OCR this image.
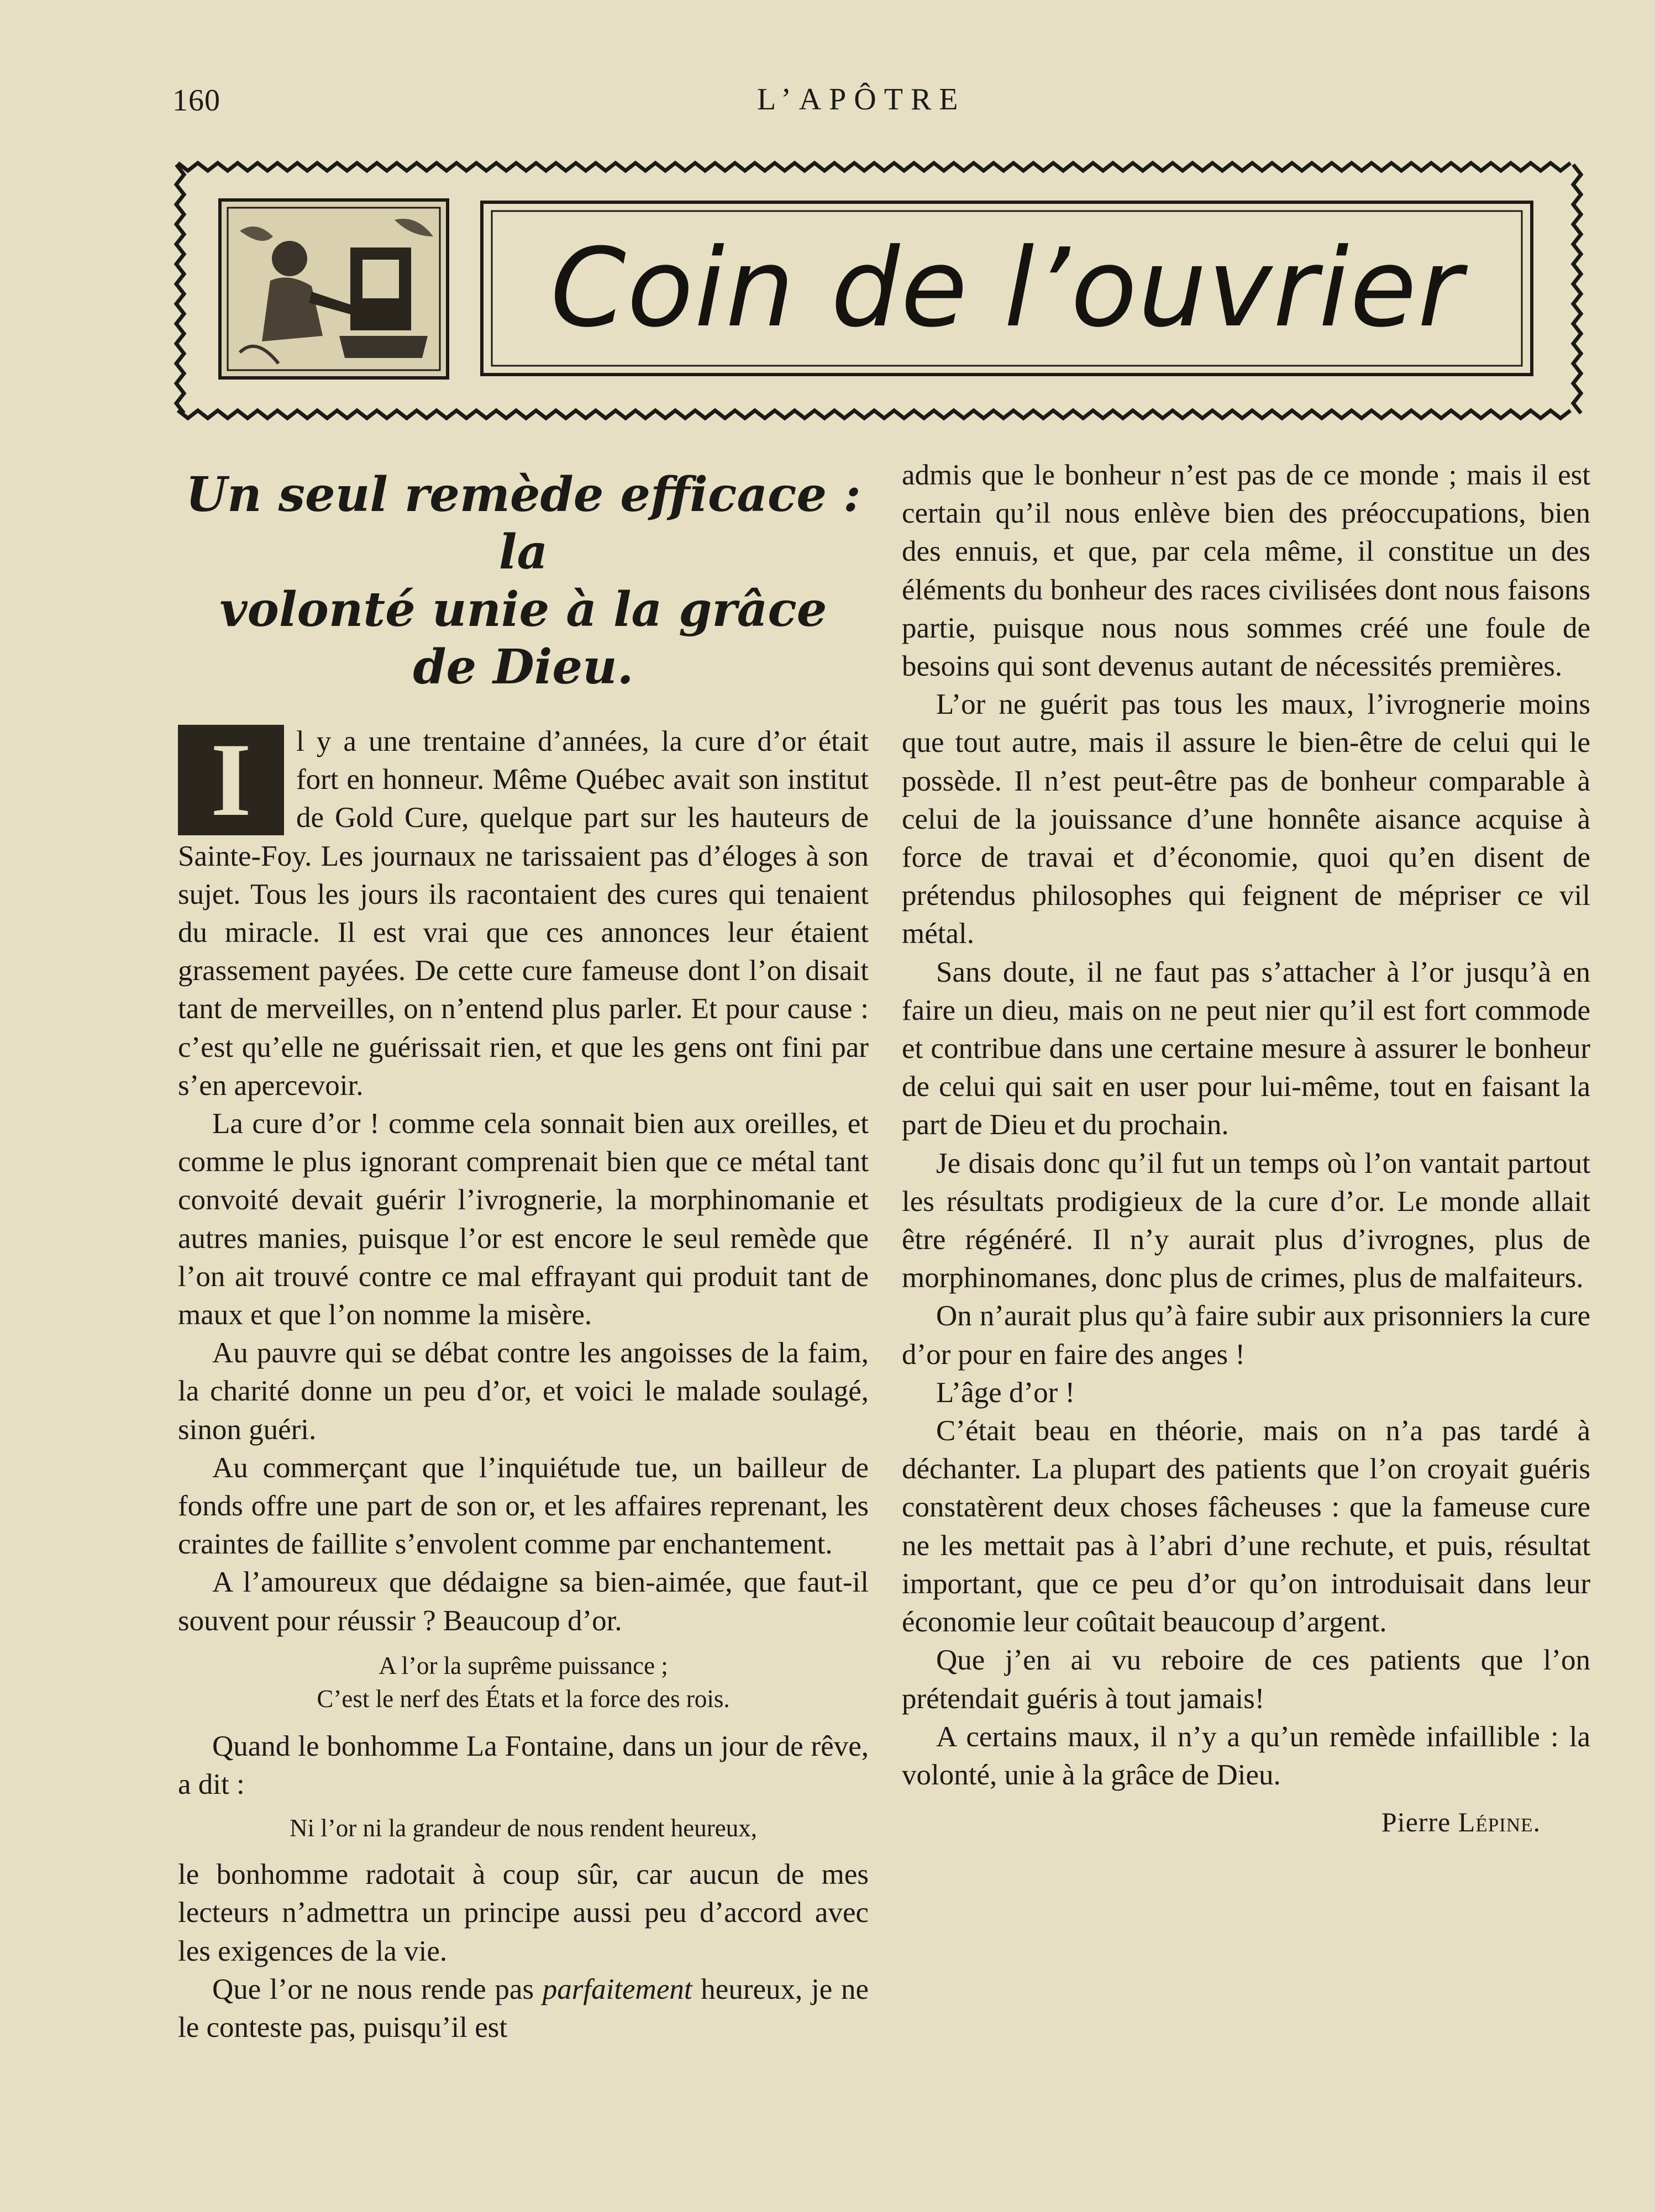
160	L’APÔTRE
Coin de l’ouvrier
Un seul remède efficace : la
volonté unie à la grâce
de Dieu.

I	l y a une trentaine d’années, la cure d’or était fort en honneur. Même Québec avait son institut de Gold Cure, quelque part sur les hauteurs de Sainte-Foy. Les journaux ne tarissaient pas d’éloges à son sujet. Tous les jours ils racontaient des cures qui tenaient du miracle. Il est vrai que ces annonces leur étaient grassement payées. De cette cure fameuse dont l’on disait tant de merveilles, on n’entend plus parler. Et pour cause : c’est qu’elle ne guérissait rien, et que les gens ont fini par s’en apercevoir.

La cure d’or ! comme cela sonnait bien aux oreilles, et comme le plus ignorant comprenait bien que ce métal tant convoité devait guérir l’ivrognerie, la morphinomanie et autres manies, puisque l’or est encore le seul remède que l’on ait trouvé contre ce mal effrayant qui produit tant de maux et que l’on nomme la misère.

Au pauvre qui se débat contre les angoisses de la faim, la charité donne un peu d’or, et voici le malade soulagé, sinon guéri.

Au commerçant que l’inquiétude tue, un bailleur de fonds offre une part de son or, et les affaires reprenant, les craintes de faillite s’envolent comme par enchantement.

A l’amoureux que dédaigne sa bien-aimée, que faut-il souvent pour réussir ? Beaucoup d’or.

A l’or la suprême puissance ;
C’est le nerf des États et la force des rois.

Quand le bonhomme La Fontaine, dans un jour de rêve, a dit :

Ni l’or ni la grandeur de nous rendent heureux,

le bonhomme radotait à coup sûr, car aucun de mes lecteurs n’admettra un principe aussi peu d’accord avec les exigences de la vie.

Que l’or ne nous rende pas parfaitement heureux, je ne le conteste pas, puisqu’il est

admis que le bonheur n’est pas de ce monde ; mais il est certain qu’il nous enlève bien des préoccupations, bien des ennuis, et que, par cela même, il constitue un des éléments du bonheur des races civilisées dont nous faisons partie, puisque nous nous sommes créé une foule de besoins qui sont devenus autant de nécessités premières.

L’or ne guérit pas tous les maux, l’ivrognerie moins que tout autre, mais il assure le bien-être de celui qui le possède. Il n’est peut-être pas de bonheur comparable à celui de la jouissance d’une honnête aisance acquise à force de travai et d’économie, quoi qu’en disent de prétendus philosophes qui feignent de mépriser ce vil métal.

Sans doute, il ne faut pas s’attacher à l’or jusqu’à en faire un dieu, mais on ne peut nier qu’il est fort commode et contribue dans une certaine mesure à assurer le bonheur de celui qui sait en user pour lui-même, tout en faisant la part de Dieu et du prochain.

Je disais donc qu’il fut un temps où l’on vantait partout les résultats prodigieux de la cure d’or. Le monde allait être régénéré. Il n’y aurait plus d’ivrognes, plus de morphinomanes, donc plus de crimes, plus de malfaiteurs.

On n’aurait plus qu’à faire subir aux prisonniers la cure d’or pour en faire des anges !

L’âge d’or !

C’était beau en théorie, mais on n’a pas tardé à déchanter. La plupart des patients que l’on croyait guéris constatèrent deux choses fâcheuses : que la fameuse cure ne les mettait pas à l’abri d’une rechute, et puis, résultat important, que ce peu d’or qu’on introduisait dans leur économie leur coûtait beaucoup d’argent.

Que j’en ai vu reboire de ces patients que l’on prétendait guéris à tout jamais!

A certains maux, il n’y a qu’un remède infaillible : la volonté, unie à la grâce de Dieu.

Pierre Lépine.
